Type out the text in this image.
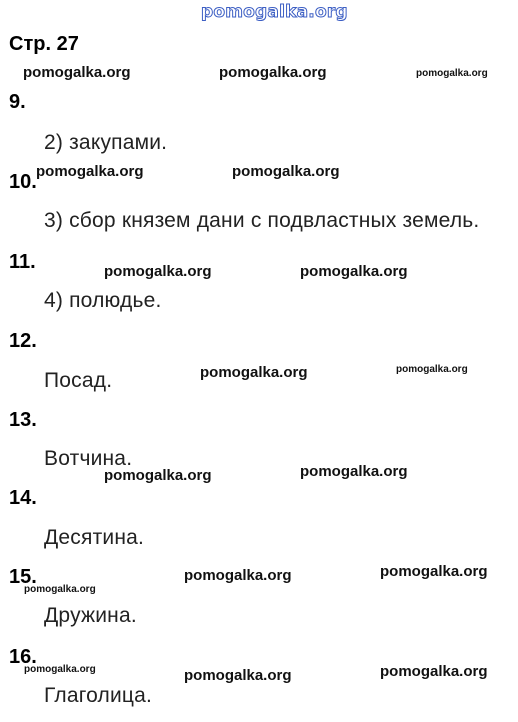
pomogalka.org
Стр. 27
pomogalka.org	pomogalka.org	pomogalka.org
9.
2) закупами.
10. pomogalka.org	pomogalka.org
3) сбор князем дани с подвластных земель.
11.	pomogalka.org	pomogalka.org
4) полюдье.
12.
pomogalka.org	pomogalka.org
Посад.
13.
Вотчина.
pomogalka.org	pomogalka.org
14.
Десятина.
15.
pomogalka.org
pomogalka.org	pomogalka.org
Дружина.
16.
pomogalka.org	pomogalka.org	pomogalka.org
Глаголица.
